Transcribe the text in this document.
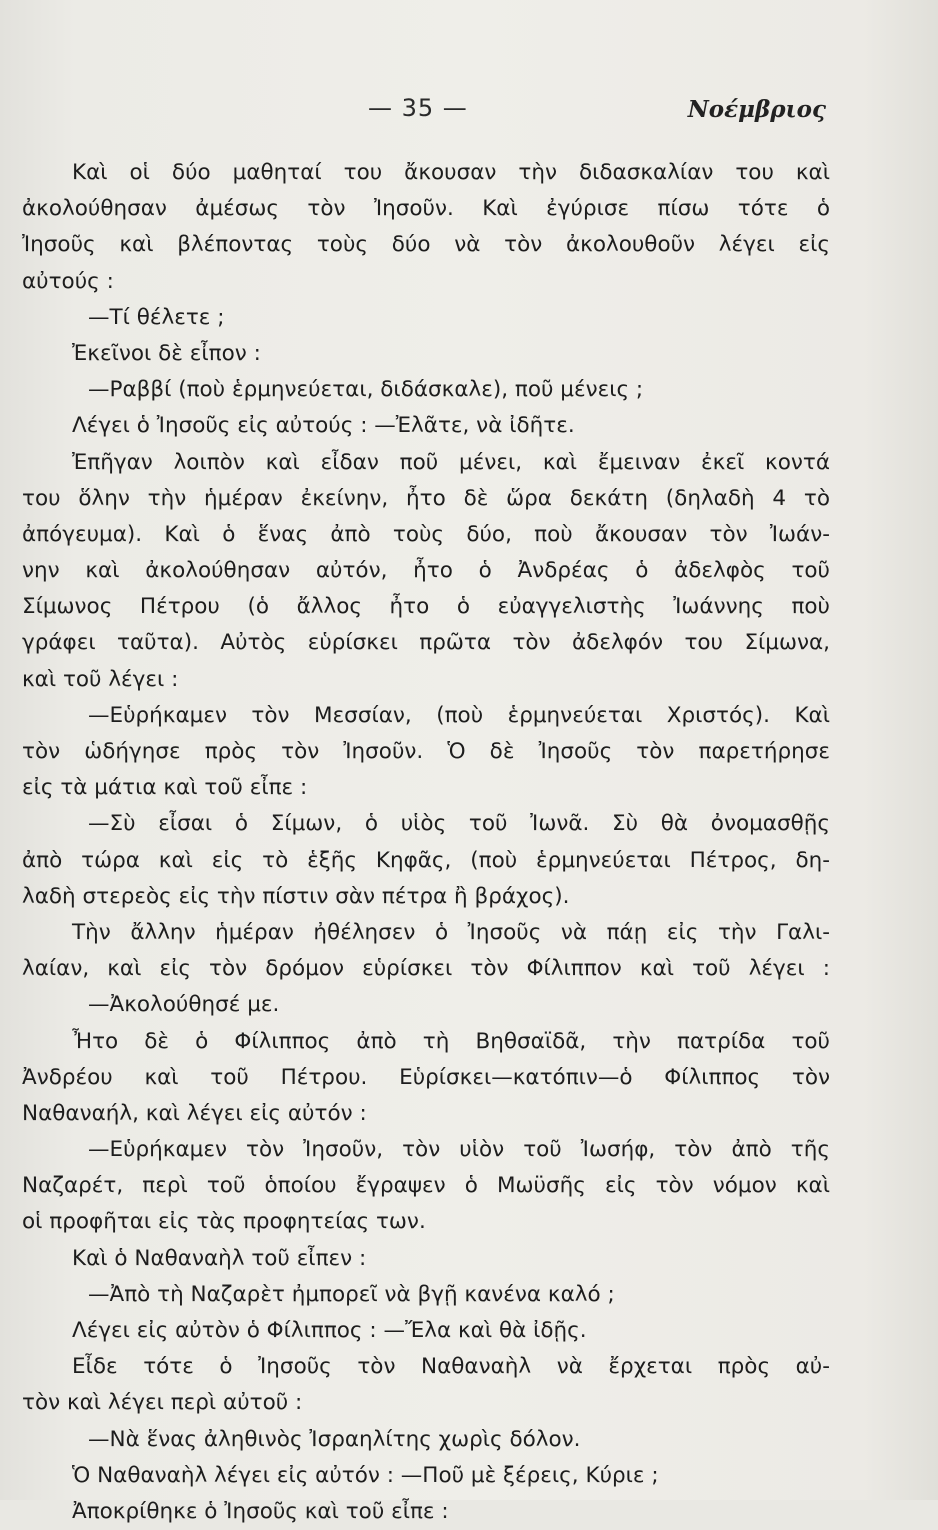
— 35 —	Νοέμβριος
Καὶ οἱ δύο μαθηταί του ἄκουσαν τὴν διδασκαλίαν του καὶ
ἀκολούθησαν ἀμέσως τὸν Ἰησοῦν. Καὶ ἐγύρισε πίσω τότε ὁ
Ἰησοῦς καὶ βλέποντας τοὺς δύο νὰ τὸν ἀκολουθοῦν λέγει εἰς
αὐτούς :
—Τί θέλετε ;
Ἐκεῖνοι δὲ εἶπον :
—Ραββί (ποὺ ἑρμηνεύεται, διδάσκαλε), ποῦ μένεις ;
Λέγει ὁ Ἰησοῦς εἰς αὐτούς : —Ἐλᾶτε, νὰ ἰδῆτε.
Ἐπῆγαν λοιπὸν καὶ εἶδαν ποῦ μένει, καὶ ἔμειναν ἐκεῖ κοντά
του ὅλην τὴν ἡμέραν ἐκείνην, ἦτο δὲ ὥρα δεκάτη (δηλαδὴ 4 τὸ
ἀπόγευμα). Καὶ ὁ ἕνας ἀπὸ τοὺς δύο, ποὺ ἄκουσαν τὸν Ἰωάν-
νην καὶ ἀκολούθησαν αὐτόν, ἦτο ὁ Ἀνδρέας ὁ ἀδελφὸς τοῦ
Σίμωνος Πέτρου (ὁ ἄλλος ἦτο ὁ εὐαγγελιστὴς Ἰωάννης ποὺ
γράφει ταῦτα). Αὐτὸς εὑρίσκει πρῶτα τὸν ἀδελφόν του Σίμωνα,
καὶ τοῦ λέγει :
—Εὑρήκαμεν τὸν Μεσσίαν, (ποὺ ἑρμηνεύεται Χριστός). Καὶ
τὸν ὡδήγησε πρὸς τὸν Ἰησοῦν. Ὁ δὲ Ἰησοῦς τὸν παρετήρησε
εἰς τὰ μάτια καὶ τοῦ εἶπε :
—Σὺ εἶσαι ὁ Σίμων, ὁ υἱὸς τοῦ Ἰωνᾶ. Σὺ θὰ ὀνομασθῇς
ἀπὸ τώρα καὶ εἰς τὸ ἑξῆς Κηφᾶς, (ποὺ ἑρμηνεύεται Πέτρος, δη-
λαδὴ στερεὸς εἰς τὴν πίστιν σὰν πέτρα ἢ βράχος).
Τὴν ἄλλην ἡμέραν ἠθέλησεν ὁ Ἰησοῦς νὰ πάῃ εἰς τὴν Γαλι-
λαίαν, καὶ εἰς τὸν δρόμον εὑρίσκει τὸν Φίλιππον καὶ τοῦ λέγει :
—Ἀκολούθησέ με.
Ἦτο δὲ ὁ Φίλιππος ἀπὸ τὴ Βηθσαϊδᾶ, τὴν πατρίδα τοῦ
Ἀνδρέου καὶ τοῦ Πέτρου. Εὑρίσκει—κατόπιν—ὁ Φίλιππος τὸν
Ναθαναήλ, καὶ λέγει εἰς αὐτόν :
—Εὑρήκαμεν τὸν Ἰησοῦν, τὸν υἱὸν τοῦ Ἰωσήφ, τὸν ἀπὸ τῆς
Ναζαρέτ, περὶ τοῦ ὁποίου ἔγραψεν ὁ Μωϋσῆς εἰς τὸν νόμον καὶ
οἱ προφῆται εἰς τὰς προφητείας των.
Καὶ ὁ Ναθαναὴλ τοῦ εἶπεν :
—Ἀπὸ τὴ Ναζαρὲτ ἠμπορεῖ νὰ βγῇ κανένα καλό ;
Λέγει εἰς αὐτὸν ὁ Φίλιππος : —Ἔλα καὶ θὰ ἰδῇς.
Εἶδε τότε ὁ Ἰησοῦς τὸν Ναθαναὴλ νὰ ἔρχεται πρὸς αὐ-
τὸν καὶ λέγει περὶ αὐτοῦ :
—Νὰ ἕνας ἀληθινὸς Ἰσραηλίτης χωρὶς δόλον.
Ὁ Ναθαναὴλ λέγει εἰς αὐτόν : —Ποῦ μὲ ξέρεις, Κύριε ;
Ἀποκρίθηκε ὁ Ἰησοῦς καὶ τοῦ εἶπε :
